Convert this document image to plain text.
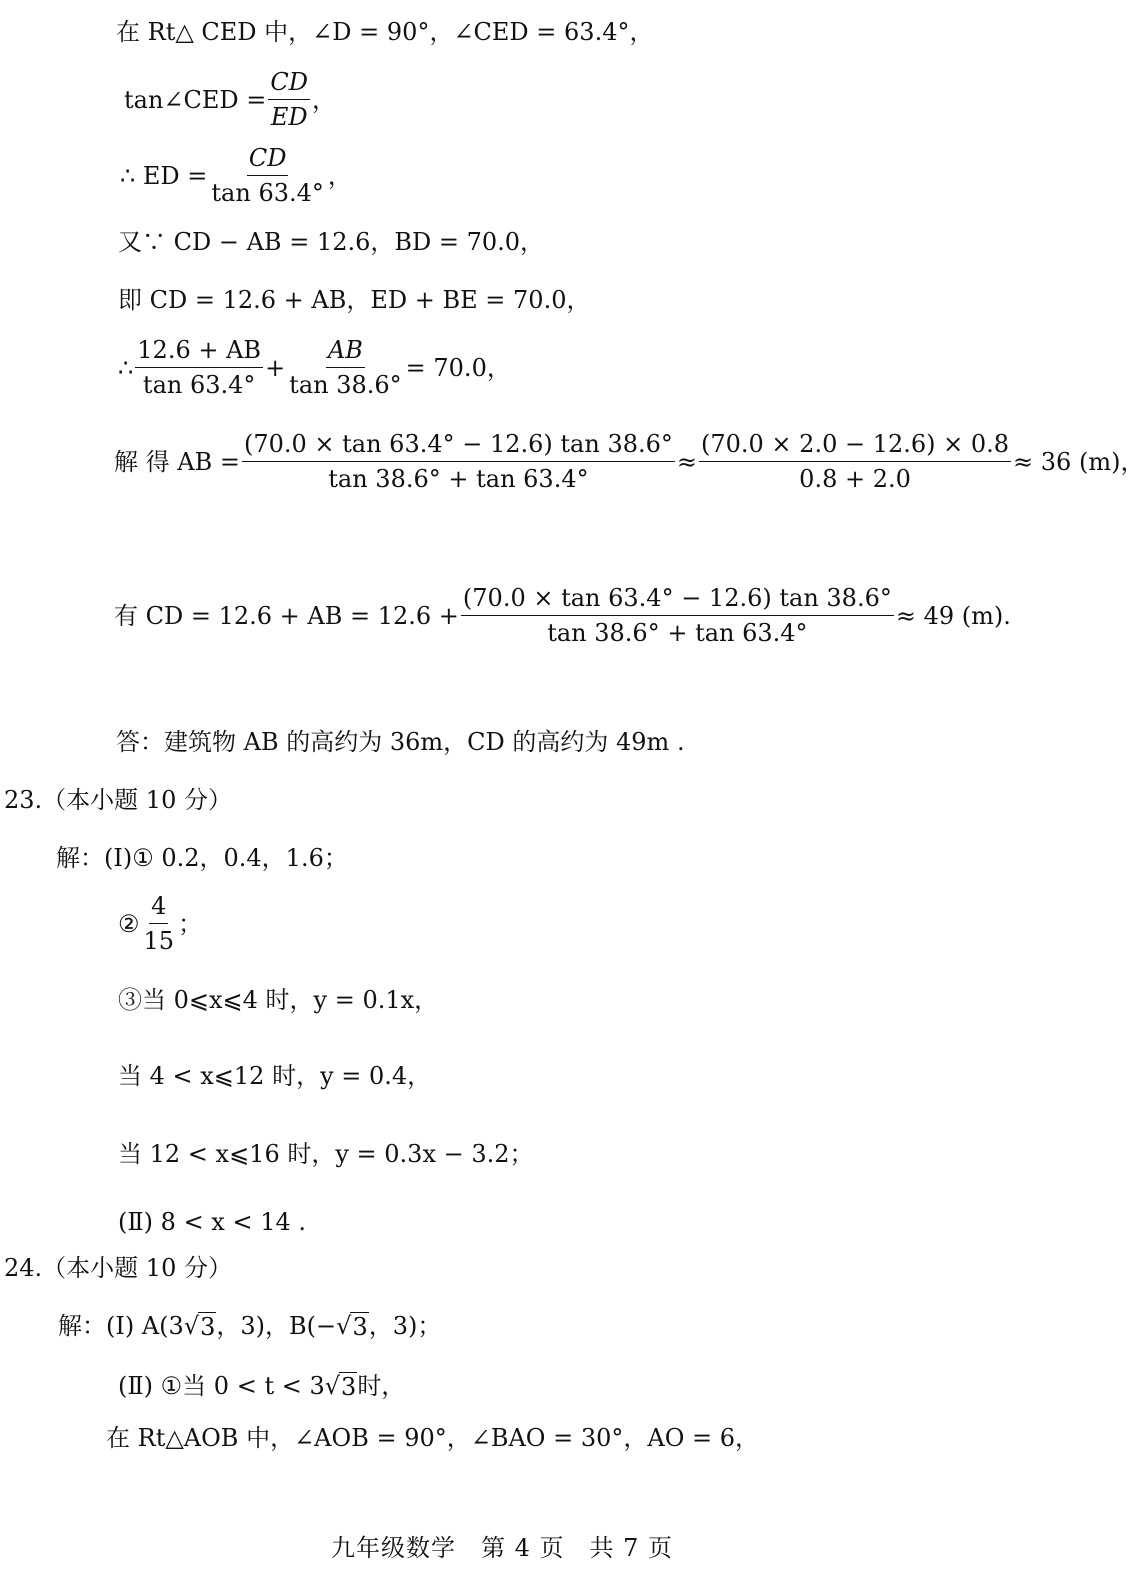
在 Rt△ CED 中，∠D = 90°，∠CED = 63.4°，
tan∠CED = $\frac{CD}{ED}$ ，
∴ ED = $\frac{CD}{\tan 63.4^\circ}$ ，
又∵ CD − AB = 12.6，BD = 70.0，
即 CD = 12.6 + AB，ED + BE = 70.0，
∴ $\frac{12.6 + AB}{\tan 63.4^\circ} + \frac{AB}{\tan 38.6^\circ} = 70.0$，
解 得 AB = $\frac{(70.0 \times \tan 63.4^\circ - 12.6) \tan 38.6^\circ}{\tan 38.6^\circ + \tan 63.4^\circ} \approx \frac{(70.0 \times 2.0 - 12.6) \times 0.8}{0.8 + 2.0} \approx 36$ (m)，
有 CD = 12.6 + AB = $12.6 + \frac{(70.0 \times \tan 63.4^\circ - 12.6) \tan 38.6^\circ}{\tan 38.6^\circ + \tan 63.4^\circ} \approx 49$ (m).
答：建筑物 AB 的高约为 36m，CD 的高约为 49m .
23.（本小题 10 分）
解：(Ⅰ)① 0.2，0.4，1.6；
② $\frac{4}{15}$ ；
③当 0⩽x⩽4 时，y = 0.1x，
当 4 < x⩽12 时，y = 0.4，
当 12 < x⩽16 时，y = 0.3x − 3.2；
(Ⅱ) 8 < x < 14 .
24.（本小题 10 分）
解：(Ⅰ) A(3 √ 3 ，3)，B(− √ 3 ，3)；
(Ⅱ) ①当 0 < t < 3 √ 3 时，
在 Rt△AOB 中，∠AOB = 90°，∠BAO = 30°，AO = 6，
九年级数学　第 4 页　共 7 页
